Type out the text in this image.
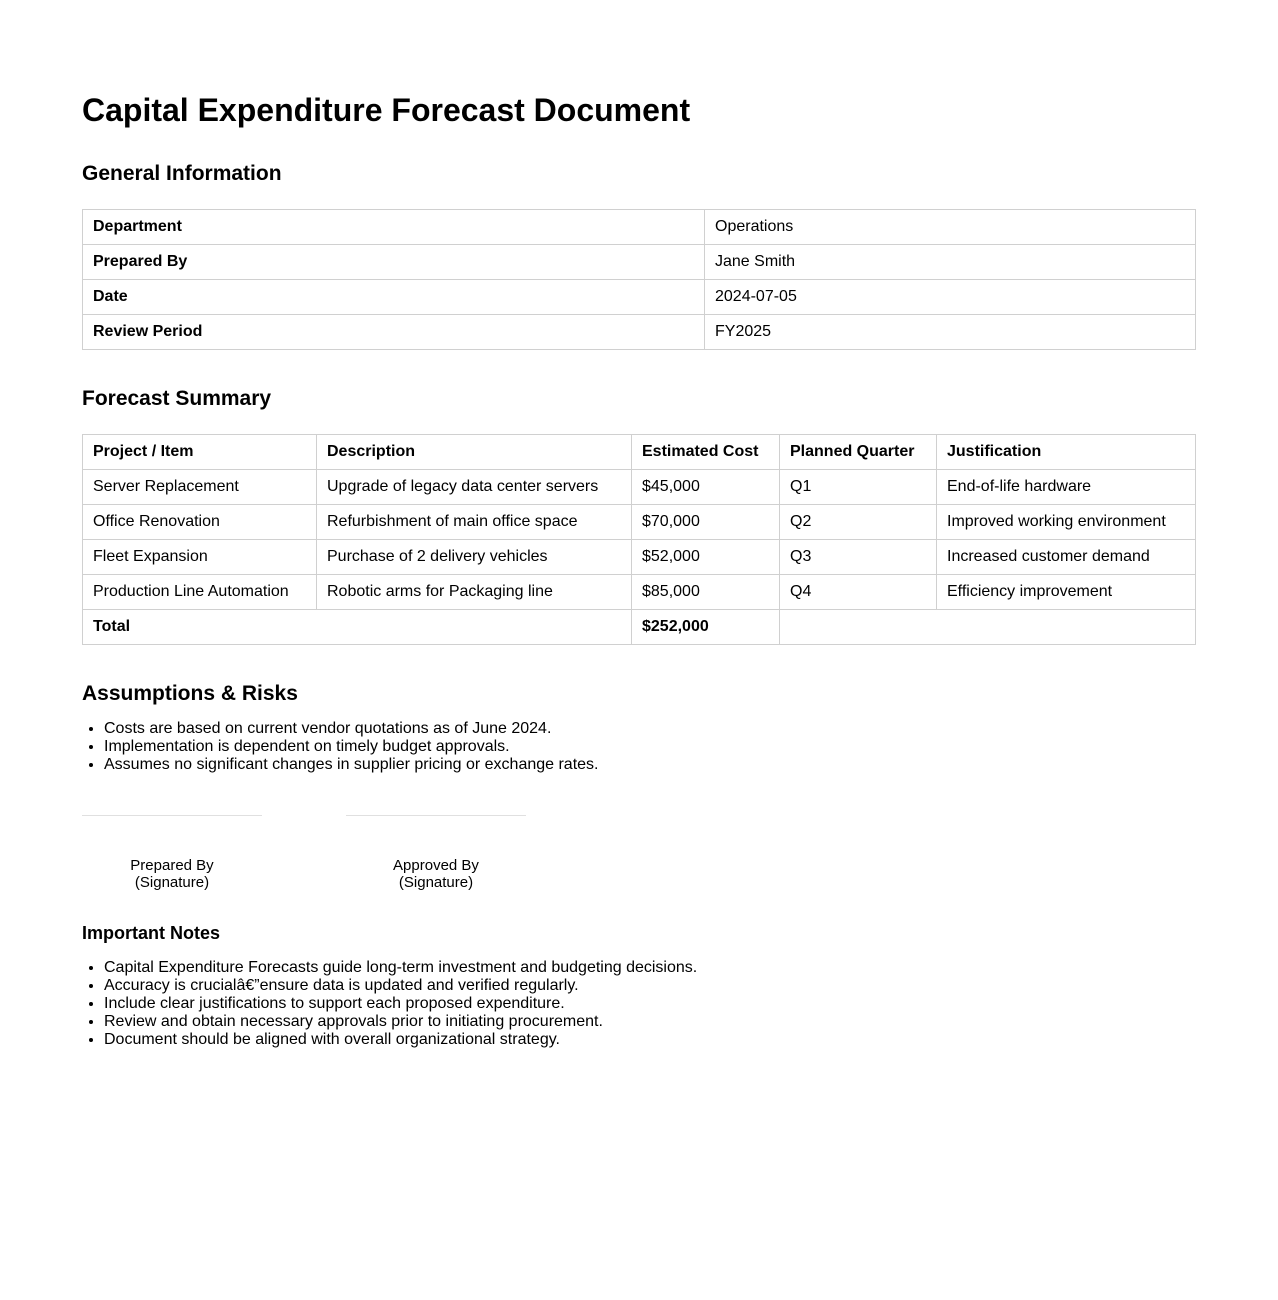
Capital Expenditure Forecast Document
General Information
Department	Operations
Prepared By	Jane Smith
Date	2024-07-05
Review Period	FY2025
Forecast Summary
Project / Item	Description	Estimated Cost	Planned Quarter	Justification
Server Replacement	Upgrade of legacy data center servers	$45,000	Q1	End-of-life hardware
Office Renovation	Refurbishment of main office space	$70,000	Q2	Improved working environment
Fleet Expansion	Purchase of 2 delivery vehicles	$52,000	Q3	Increased customer demand
Production Line Automation	Robotic arms for Packaging line	$85,000	Q4	Efficiency improvement
Total		$252,000		
Assumptions & Risks
• Costs are based on current vendor quotations as of June 2024.
• Implementation is dependent on timely budget approvals.
• Assumes no significant changes in supplier pricing or exchange rates.
Prepared By
(Signature)
Approved By
(Signature)
Important Notes
• Capital Expenditure Forecasts guide long-term investment and budgeting decisions.
• Accuracy is crucialâ€”ensure data is updated and verified regularly.
• Include clear justifications to support each proposed expenditure.
• Review and obtain necessary approvals prior to initiating procurement.
• Document should be aligned with overall organizational strategy.
